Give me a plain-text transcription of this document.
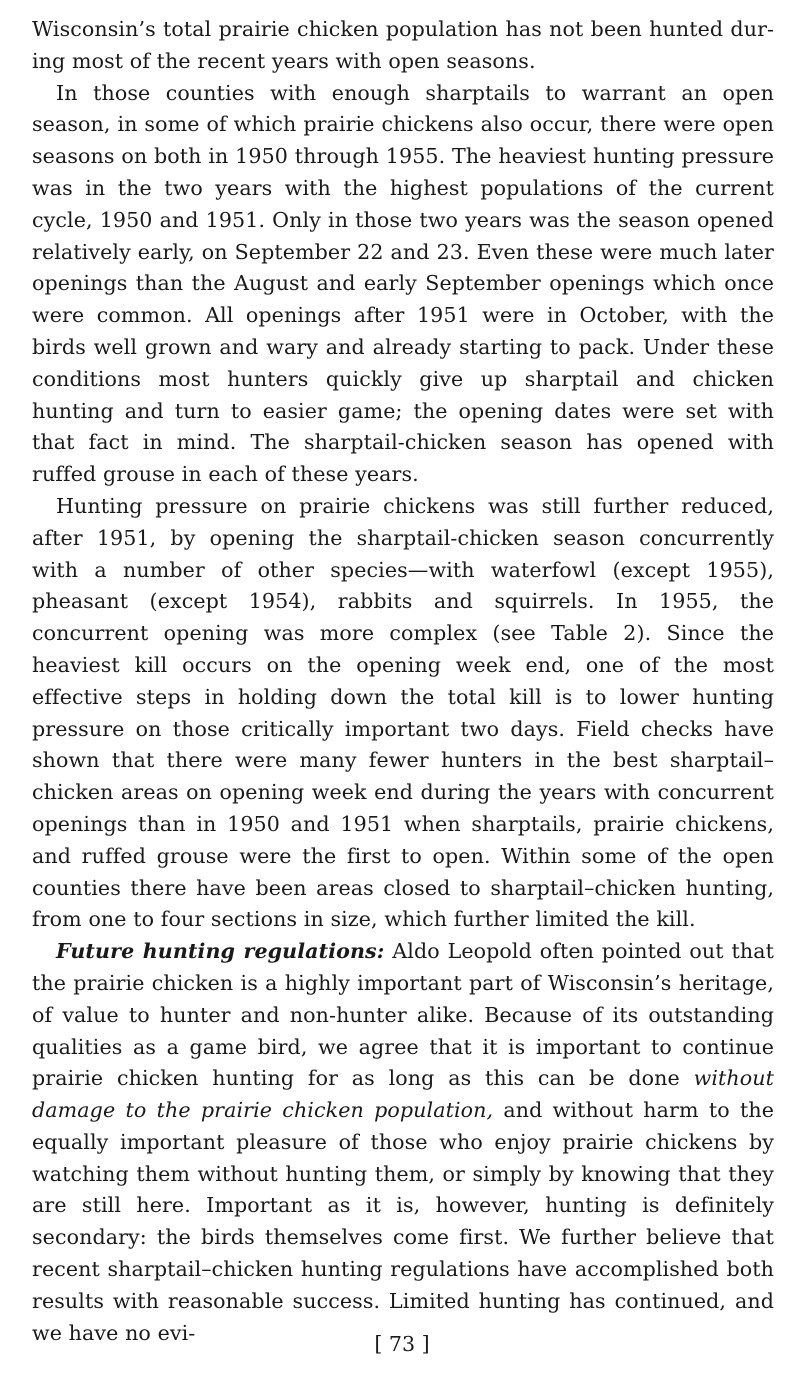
Wisconsin’s total prairie chicken population has not been hunted during most of the recent years with open seasons.

In those counties with enough sharptails to warrant an open season, in some of which prairie chickens also occur, there were open seasons on both in 1950 through 1955. The heaviest hunting pressure was in the two years with the highest populations of the current cycle, 1950 and 1951. Only in those two years was the season opened relatively early, on September 22 and 23. Even these were much later openings than the August and early September openings which once were common. All openings after 1951 were in October, with the birds well grown and wary and already starting to pack. Under these conditions most hunters quickly give up sharptail and chicken hunting and turn to easier game; the opening dates were set with that fact in mind. The sharptail-chicken season has opened with ruffed grouse in each of these years.

Hunting pressure on prairie chickens was still further reduced, after 1951, by opening the sharptail-chicken season concurrently with a number of other species—with waterfowl (except 1955), pheasant (except 1954), rabbits and squirrels. In 1955, the concurrent opening was more complex (see Table 2). Since the heaviest kill occurs on the opening week end, one of the most effective steps in holding down the total kill is to lower hunting pressure on those critically important two days. Field checks have shown that there were many fewer hunters in the best sharptail–chicken areas on opening week end during the years with concurrent openings than in 1950 and 1951 when sharptails, prairie chickens, and ruffed grouse were the first to open. Within some of the open counties there have been areas closed to sharptail–chicken hunting, from one to four sections in size, which further limited the kill.

Future hunting regulations: Aldo Leopold often pointed out that the prairie chicken is a highly important part of Wisconsin’s heritage, of value to hunter and non-hunter alike. Because of its outstanding qualities as a game bird, we agree that it is important to continue prairie chicken hunting for as long as this can be done without damage to the prairie chicken population, and without harm to the equally important pleasure of those who enjoy prairie chickens by watching them without hunting them, or simply by knowing that they are still here. Important as it is, however, hunting is definitely secondary: the birds themselves come first. We further believe that recent sharptail–chicken hunting regulations have accomplished both results with reasonable success. Limited hunting has continued, and we have no evi-	[ 73 ]
